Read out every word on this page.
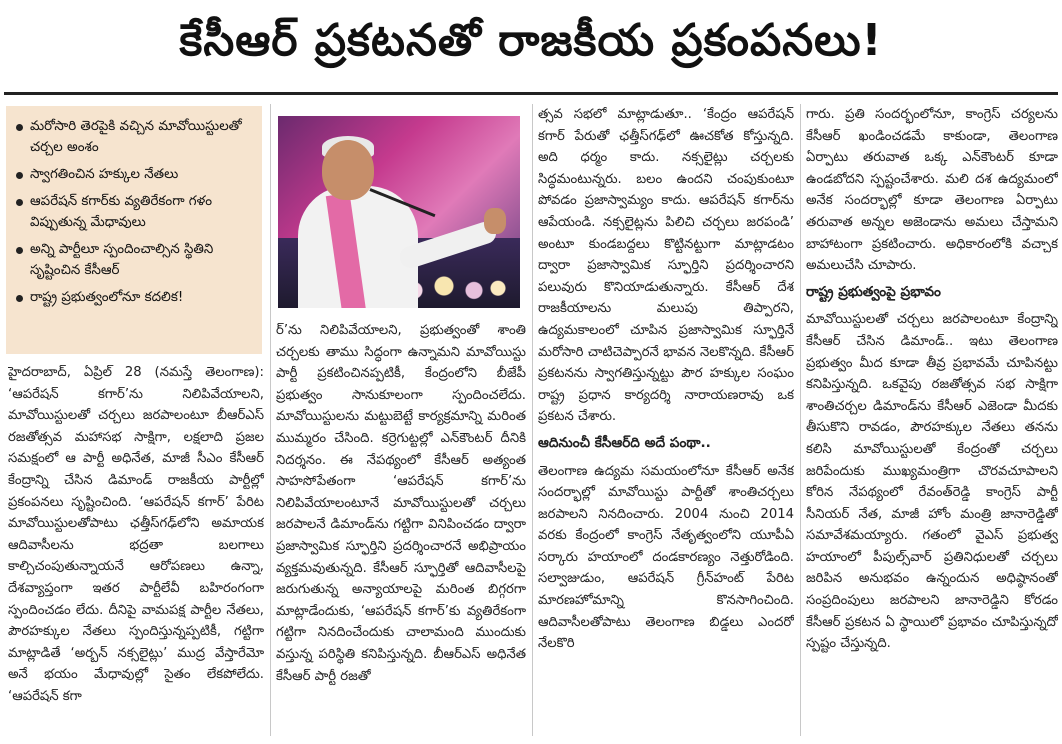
కేసీఆర్ ప్రకటనతో రాజకీయ ప్రకంపనలు!
మరోసారి తెరపైకి వచ్చిన మావోయిస్టులతో చర్చల అంశం
స్వాగతించిన హక్కుల నేతలు
ఆపరేషన్ కగార్‌కు వ్యతిరేకంగా గళం విప్పుతున్న మేధావులు
అన్ని పార్టీలూ స్పందించాల్సిన స్థితిని సృష్టించిన కేసీఆర్
రాష్ట్ర ప్రభుత్వంలోనూ కదలిక!

హైదరాబాద్, ఏప్రిల్ 28 (నమస్తే తెలంగాణ): ‘ఆపరేషన్ కగార్’ను నిలిపివేయాలని, మావోయిస్టులతో చర్చలు జరపాలంటూ బీఆర్‌ఎస్ రజతోత్సవ మహాసభ సాక్షిగా, లక్షలాది ప్రజల సమక్షంలో ఆ పార్టీ అధినేత, మాజీ సీఎం కేసీఆర్ కేంద్రాన్ని చేసిన డిమాండ్ రాజకీయ పార్టీల్లో ప్రకంపనలు సృష్టించింది. ‘ఆపరేషన్ కగార్’ పేరిట మావోయిస్టులతోపాటు ఛత్తీస్‌గఢ్‌లోని అమాయక ఆదివాసీలను భద్రతా బలగాలు కాల్చిచంపుతున్నాయనే ఆరోపణలు ఉన్నా, దేశవ్యాప్తంగా ఇతర పార్టీలేవీ బహిరంగంగా స్పందించడం లేదు. దీనిపై వామపక్ష పార్టీల నేతలు, పౌరహక్కుల నేతలు స్పందిస్తున్నప్పటికీ, గట్టిగా మాట్లాడితే ‘అర్బన్ నక్సలైట్లు’ ముద్ర వేస్తారేమో అనే భయం మేధావుల్లో సైతం లేకపోలేదు. ‘ఆపరేషన్ కగా

ర్’ను నిలిపివేయాలని, ప్రభుత్వంతో శాంతి చర్చలకు తాము సిద్ధంగా ఉన్నామని మావోయిస్టు పార్టీ ప్రకటించినప్పటికీ, కేంద్రంలోని బీజేపీ ప్రభుత్వం సానుకూలంగా స్పందించలేదు. మావోయిస్టులను మట్టుబెట్టే కార్యక్రమాన్ని మరింత ముమ్మరం చేసింది. కర్రెగుట్టల్లో ఎన్‌కౌంటర్ దీనికి నిదర్శనం. ఈ నేపథ్యంలో కేసీఆర్ అత్యంత సాహసోపేతంగా ‘ఆపరేషన్ కగార్’ను నిలిపివేయాలంటూనే మావోయిస్టులతో చర్చలు జరపాలనే డిమాండ్‌ను గట్టిగా వినిపించడం ద్వారా ప్రజాస్వామిక స్ఫూర్తిని ప్రదర్శించారనే అభిప్రాయం వ్యక్తమవుతున్నది. కేసీఆర్ స్ఫూర్తితో ఆదివాసీలపై జరుగుతున్న అన్యాయాలపై మరింత బిగ్గరగా మాట్లాడేందుకు, ‘ఆపరేషన్ కగార్’కు వ్యతిరేకంగా గట్టిగా నినదించేందుకు చాలామంది ముందుకు వస్తున్న పరిస్థితి కనిపిస్తున్నది. బీఆర్‌ఎస్ అధినేత కేసీఆర్ పార్టీ రజతో

త్సవ సభలో మాట్లాడుతూ.. ‘కేంద్రం ఆపరేషన్ కగార్ పేరుతో ఛత్తీస్‌గఢ్‌లో ఊచకోత కోస్తున్నది. అది ధర్మం కాదు. నక్సలైట్లు చర్చలకు సిద్ధమంటున్నరు. బలం ఉందని చంపుకుంటూ పోవడం ప్రజాస్వామ్యం కాదు. ఆపరేషన్ కగార్‌ను ఆపేయండి. నక్సలైట్లను పిలిచి చర్చలు జరపండి’ అంటూ కుండబద్దలు కొట్టినట్టుగా మాట్లాడటం ద్వారా ప్రజాస్వామిక స్ఫూర్తిని ప్రదర్శించారని పలువురు కొనియాడుతున్నారు. కేసీఆర్ దేశ రాజకీయాలను మలుపు తిప్పారని, ఉద్యమకాలంలో చూపిన ప్రజాస్వామిక స్ఫూర్తినే మరోసారి చాటిచెప్పారనే భావన నెలకొన్నది. కేసీఆర్ ప్రకటనను స్వాగతిస్తున్నట్టు పౌర హక్కుల సంఘం రాష్ట్ర ప్రధాన కార్యదర్శి నారాయణరావు ఒక ప్రకటన చేశారు.

ఆదినుంచీ కేసీఆర్‌ది అదే పంథా..

తెలంగాణ ఉద్యమ సమయంలోనూ కేసీఆర్ అనేక సందర్భాల్లో మావోయిస్టు పార్టీతో శాంతిచర్చలు జరపాలని నినదించారు. 2004 నుంచి 2014 వరకు కేంద్రంలో కాంగ్రెస్ నేతృత్వంలోని యూపీఏ సర్కారు హయాంలో దండకారణ్యం నెత్తురోడింది. సల్వాజుడుం, ఆపరేషన్ గ్రీన్‌హంట్ పేరిట మారణహోమాన్ని కొనసాగించింది. ఆదివాసీలతోపాటు తెలంగాణ బిడ్డలు ఎందరో నేలకొరి

గారు. ప్రతి సందర్భంలోనూ, కాంగ్రెస్ చర్యలను కేసీఆర్ ఖండించడమే కాకుండా, తెలంగాణ ఏర్పాటు తరువాత ఒక్క ఎన్‌కౌంటర్ కూడా ఉండబోదని స్పష్టంచేశారు. మలి దశ ఉద్యమంలో అనేక సందర్భాల్లో కూడా తెలంగాణ ఏర్పాటు తరువాత అన్నల అజెండాను అమలు చేస్తామని బాహాటంగా ప్రకటించారు. అధికారంలోకి వచ్చాక అమలుచేసి చూపారు.

రాష్ట్ర ప్రభుత్వంపై ప్రభావం

మావోయిస్టులతో చర్చలు జరపాలంటూ కేంద్రాన్ని కేసీఆర్ చేసిన డిమాండ్.. ఇటు తెలంగాణ ప్రభుత్వం మీద కూడా తీవ్ర ప్రభావమే చూపినట్టు కనిపిస్తున్నది. ఒకవైపు రజతోత్సవ సభ సాక్షిగా శాంతిచర్చల డిమాండ్‌ను కేసీఆర్ ఎజెండా మీదకు తీసుకొని రావడం, పౌరహక్కుల నేతలు తనను కలిసి మావోయిస్టులతో కేంద్రంతో చర్చలు జరిపేందుకు ముఖ్యమంత్రిగా చొరవచూపాలని కోరిన నేపథ్యంలో రేవంత్‌రెడ్డి కాంగ్రెస్ పార్టీ సీనియర్ నేత, మాజీ హోం మంత్రి జానారెడ్డితో సమావేశమయ్యారు. గతంలో వైఎస్ ప్రభుత్వ హయాంలో పీపుల్స్‌వార్ ప్రతినిధులతో చర్చలు జరిపిన అనుభవం ఉన్నందున అధిష్ఠానంతో సంప్రదింపులు జరపాలని జానారెడ్డిని కోరడం కేసీఆర్ ప్రకటన ఏ స్థాయిలో ప్రభావం చూపిస్తున్నదో స్పష్టం చేస్తున్నది.
